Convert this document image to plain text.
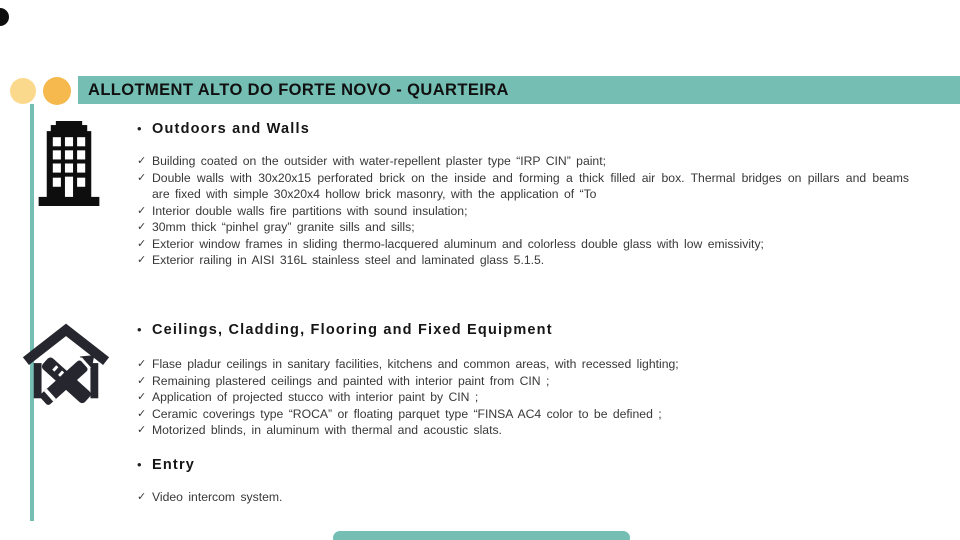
ALLOTMENT ALTO DO FORTE NOVO - QUARTEIRA
• Outdoors and Walls
✓ Building coated on the outsider with water-repellent plaster type “IRP CIN” paint;
✓ Double walls with 30x20x15 perforated brick on the inside and forming a thick filled air box. Thermal bridges on pillars and beams are fixed with simple 30x20x4 hollow brick masonry, with the application of “To
✓ Interior double walls fire partitions with sound insulation;
✓ 30mm thick “pinhel gray” granite sills and sills;
✓ Exterior window frames in sliding thermo-lacquered aluminum and colorless double glass with low emissivity;
✓ Exterior railing in AISI 316L stainless steel and laminated glass 5.1.5.
• Ceilings, Cladding, Flooring and Fixed Equipment
✓ Flase pladur ceilings in sanitary facilities, kitchens and common areas, with recessed lighting;
✓ Remaining plastered ceilings and painted with interior paint from CIN ;
✓ Application of projected stucco with interior paint by CIN ;
✓ Ceramic coverings type “ROCA” or floating parquet type “FINSA AC4 color to be defined ;
✓ Motorized blinds, in aluminum with thermal and acoustic slats.
• Entry
✓ Video intercom system.
